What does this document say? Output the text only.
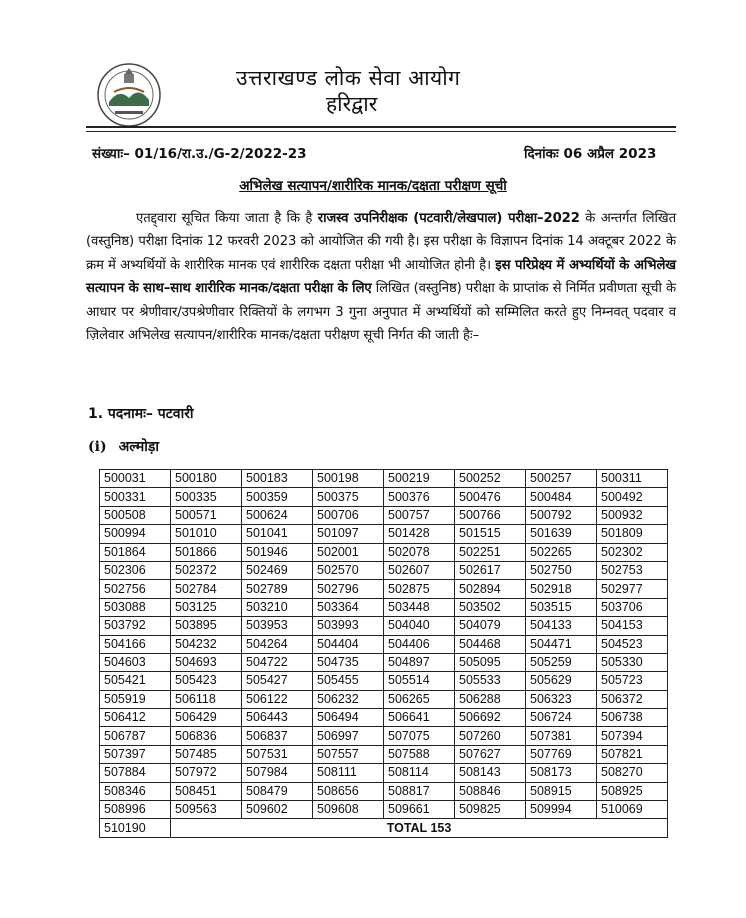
उत्तराखण्ड लोक सेवा आयोग
हरिद्वार
संख्याः– 01/16/रा.उ./G-2/2022-23	दिनांकः 06 अप्रैल 2023
अभिलेख सत्यापन/शारीरिक मानक/दक्षता परीक्षण सूची
एतद्द्वारा सूचित किया जाता है कि है राजस्व उपनिरीक्षक (पटवारी/लेखपाल) परीक्षा–2022 के अन्तर्गत लिखित (वस्तुनिष्ठ) परीक्षा दिनांक 12 फरवरी 2023 को आयोजित की गयी है। इस परीक्षा के विज्ञापन दिनांक 14 अक्टूबर 2022 के क्रम में अभ्यर्थियों के शारीरिक मानक एवं शारीरिक दक्षता परीक्षा भी आयोजित होनी है। इस परिप्रेक्ष्य में अभ्यर्थियों के अभिलेख सत्यापन के साथ–साथ शारीरिक मानक/दक्षता परीक्षा के लिए लिखित (वस्तुनिष्ठ) परीक्षा के प्राप्तांक से निर्मित प्रवीणता सूची के आधार पर श्रेणीवार/उपश्रेणीवार रिक्तियों के लगभग 3 गुना अनुपात में अभ्यर्थियों को सम्मिलित करते हुए निम्नवत् पदवार व ज़िलेवार अभिलेख सत्यापन/शारीरिक मानक/दक्षता परीक्षण सूची निर्गत की जाती हैः–
1. पदनामः– पटवारी
(i) अल्मोड़ा
500031	500180	500183	500198	500219	500252	500257	500311
500331	500335	500359	500375	500376	500476	500484	500492
500508	500571	500624	500706	500757	500766	500792	500932
500994	501010	501041	501097	501428	501515	501639	501809
501864	501866	501946	502001	502078	502251	502265	502302
502306	502372	502469	502570	502607	502617	502750	502753
502756	502784	502789	502796	502875	502894	502918	502977
503088	503125	503210	503364	503448	503502	503515	503706
503792	503895	503953	503993	504040	504079	504133	504153
504166	504232	504264	504404	504406	504468	504471	504523
504603	504693	504722	504735	504897	505095	505259	505330
505421	505423	505427	505455	505514	505533	505629	505723
505919	506118	506122	506232	506265	506288	506323	506372
506412	506429	506443	506494	506641	506692	506724	506738
506787	506836	506837	506997	507075	507260	507381	507394
507397	507485	507531	507557	507588	507627	507769	507821
507884	507972	507984	508111	508114	508143	508173	508270
508346	508451	508479	508656	508817	508846	508915	508925
508996	509563	509602	509608	509661	509825	509994	510069
510190	TOTAL 153						
